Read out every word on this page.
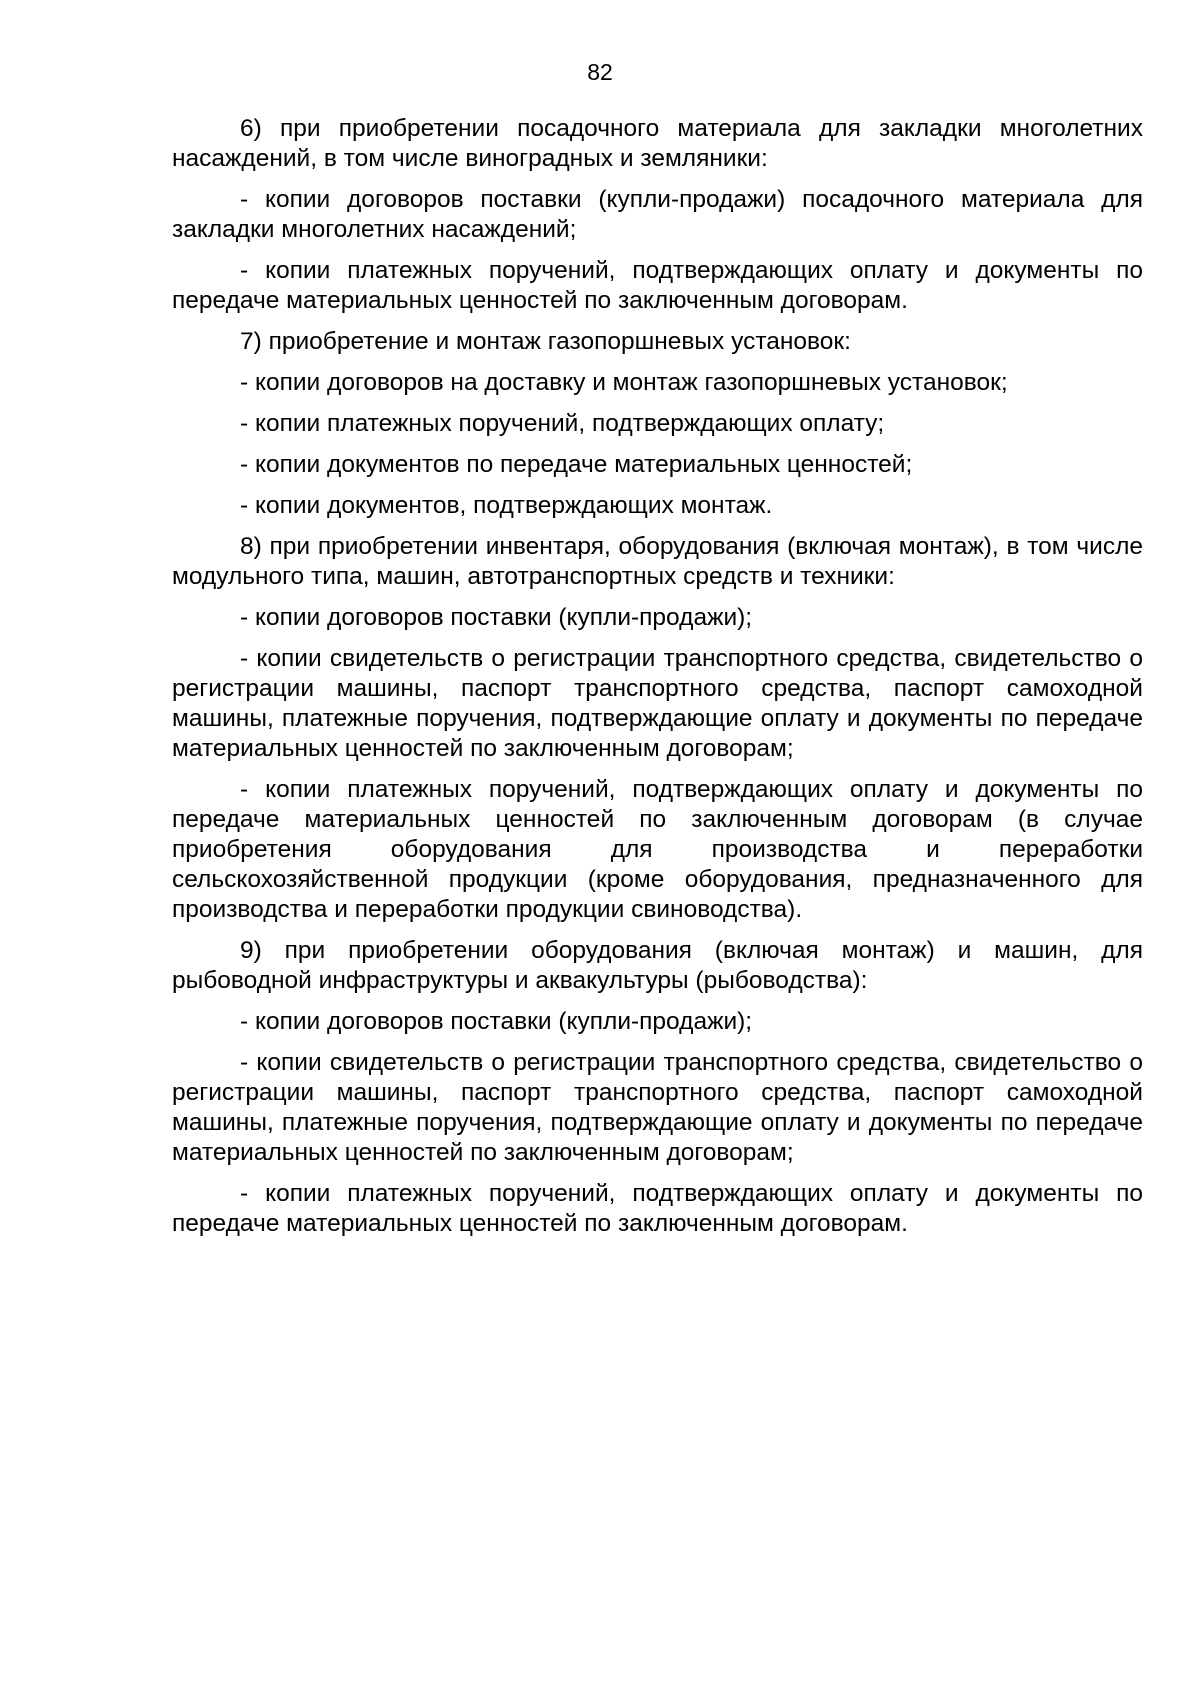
82

6) при приобретении посадочного материала для закладки многолетних насаждений, в том числе виноградных и земляники:

- копии договоров поставки (купли-продажи) посадочного материала для закладки многолетних насаждений;

- копии платежных поручений, подтверждающих оплату и документы по передаче материальных ценностей по заключенным договорам.

7) приобретение и монтаж газопоршневых установок:

- копии договоров на доставку и монтаж газопоршневых установок;

- копии платежных поручений, подтверждающих оплату;

- копии документов по передаче материальных ценностей;

- копии документов, подтверждающих монтаж.

8) при приобретении инвентаря, оборудования (включая монтаж), в том числе модульного типа, машин, автотранспортных средств и техники:

- копии договоров поставки (купли-продажи);

- копии свидетельств о регистрации транспортного средства, свидетельство о регистрации машины, паспорт транспортного средства, паспорт самоходной машины, платежные поручения, подтверждающие оплату и документы по передаче материальных ценностей по заключенным договорам;

- копии платежных поручений, подтверждающих оплату и документы по передаче материальных ценностей по заключенным договорам (в случае приобретения оборудования для производства и переработки сельскохозяйственной продукции (кроме оборудования, предназначенного для производства и переработки продукции свиноводства).

9) при приобретении оборудования (включая монтаж) и машин, для рыбоводной инфраструктуры и аквакультуры (рыбоводства):

- копии договоров поставки (купли-продажи);

- копии свидетельств о регистрации транспортного средства, свидетельство о регистрации машины, паспорт транспортного средства, паспорт самоходной машины, платежные поручения, подтверждающие оплату и документы по передаче материальных ценностей по заключенным договорам;

- копии платежных поручений, подтверждающих оплату и документы по передаче материальных ценностей по заключенным договорам.
